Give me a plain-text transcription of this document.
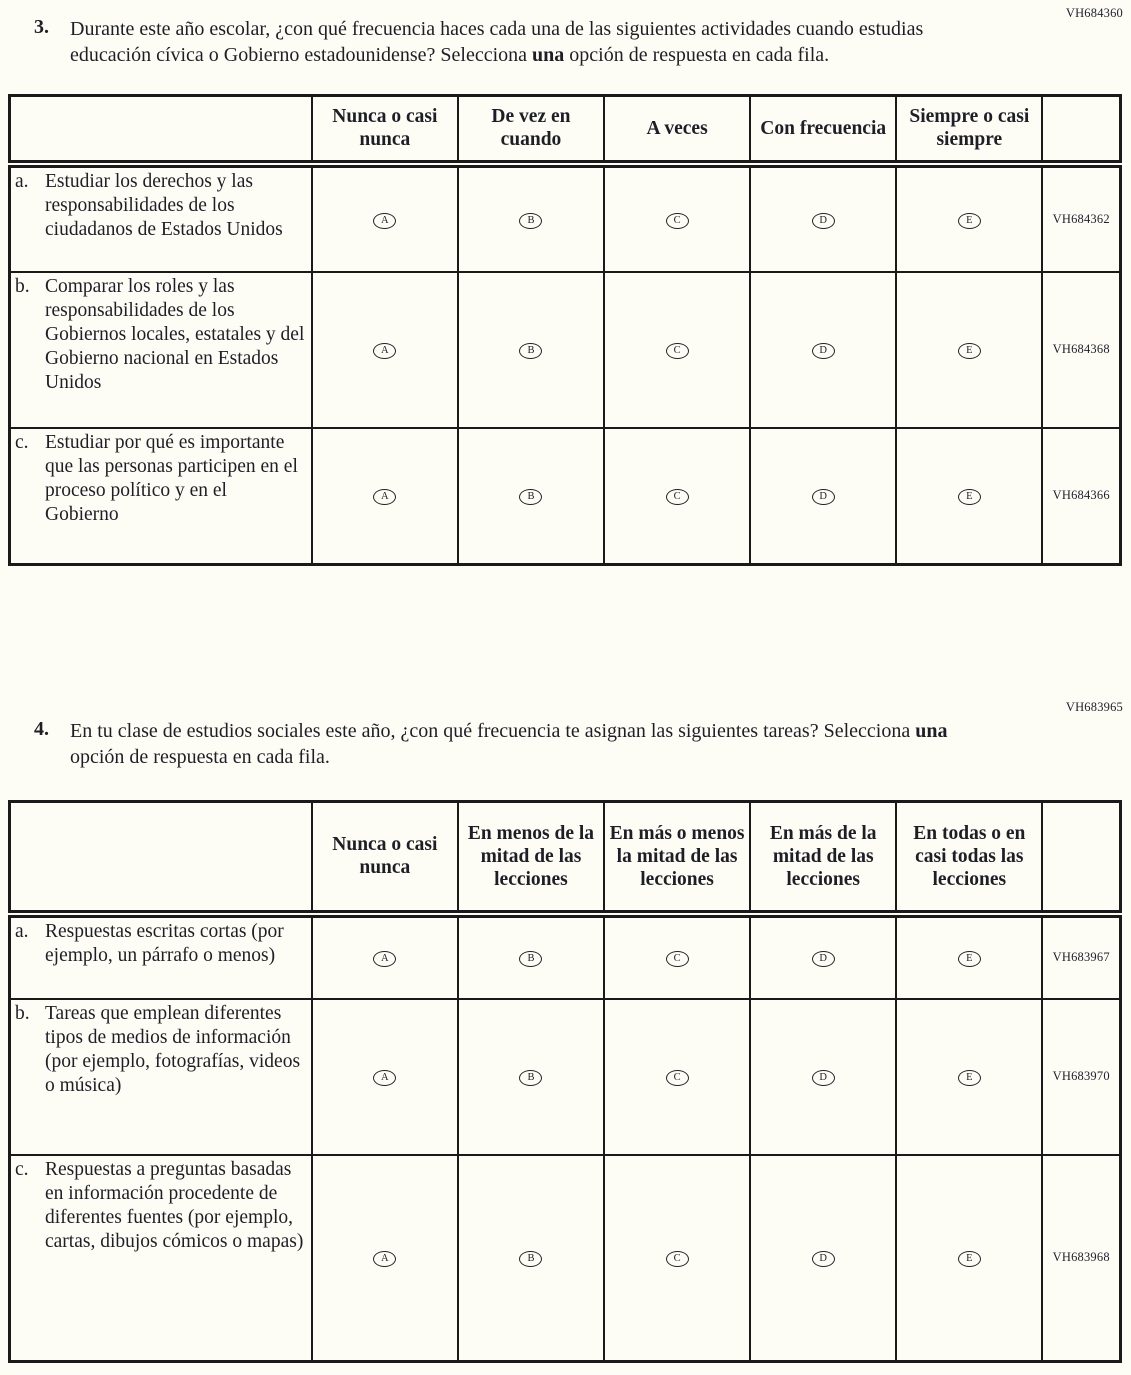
VH684360
3.	Durante este año escolar, ¿con qué frecuencia haces cada una de las siguientes actividades cuando estudias educación cívica o Gobierno estadounidense? Selecciona una opción de respuesta en cada fila.
	Nunca o casi nunca	De vez en cuando	A veces	Con frecuencia	Siempre o casi siempre	

a. Estudiar los derechos y las responsabilidades de los ciudadanos de Estados Unidos	A	B	C	D	E	VH684362

b. Comparar los roles y las responsabilidades de los Gobiernos locales, estatales y del Gobierno nacional en Estados Unidos	A	B	C	D	E	VH684368

c. Estudiar por qué es importante que las personas participen en el proceso político y en el Gobierno	A	B	C	D	E	VH684366
VH683965
4.	En tu clase de estudios sociales este año, ¿con qué frecuencia te asignan las siguientes tareas? Selecciona una opción de respuesta en cada fila.
	Nunca o casi nunca	En menos de la mitad de las lecciones	En más o menos la mitad de las lecciones	En más de la mitad de las lecciones	En todas o en casi todas las lecciones	

a. Respuestas escritas cortas (por ejemplo, un párrafo o menos)	A	B	C	D	E	VH683967

b. Tareas que emplean diferentes tipos de medios de información (por ejemplo, fotografías, videos o música)	A	B	C	D	E	VH683970

c. Respuestas a preguntas basadas en información procedente de diferentes fuentes (por ejemplo, cartas, dibujos cómicos o mapas)	A	B	C	D	E	VH683968
